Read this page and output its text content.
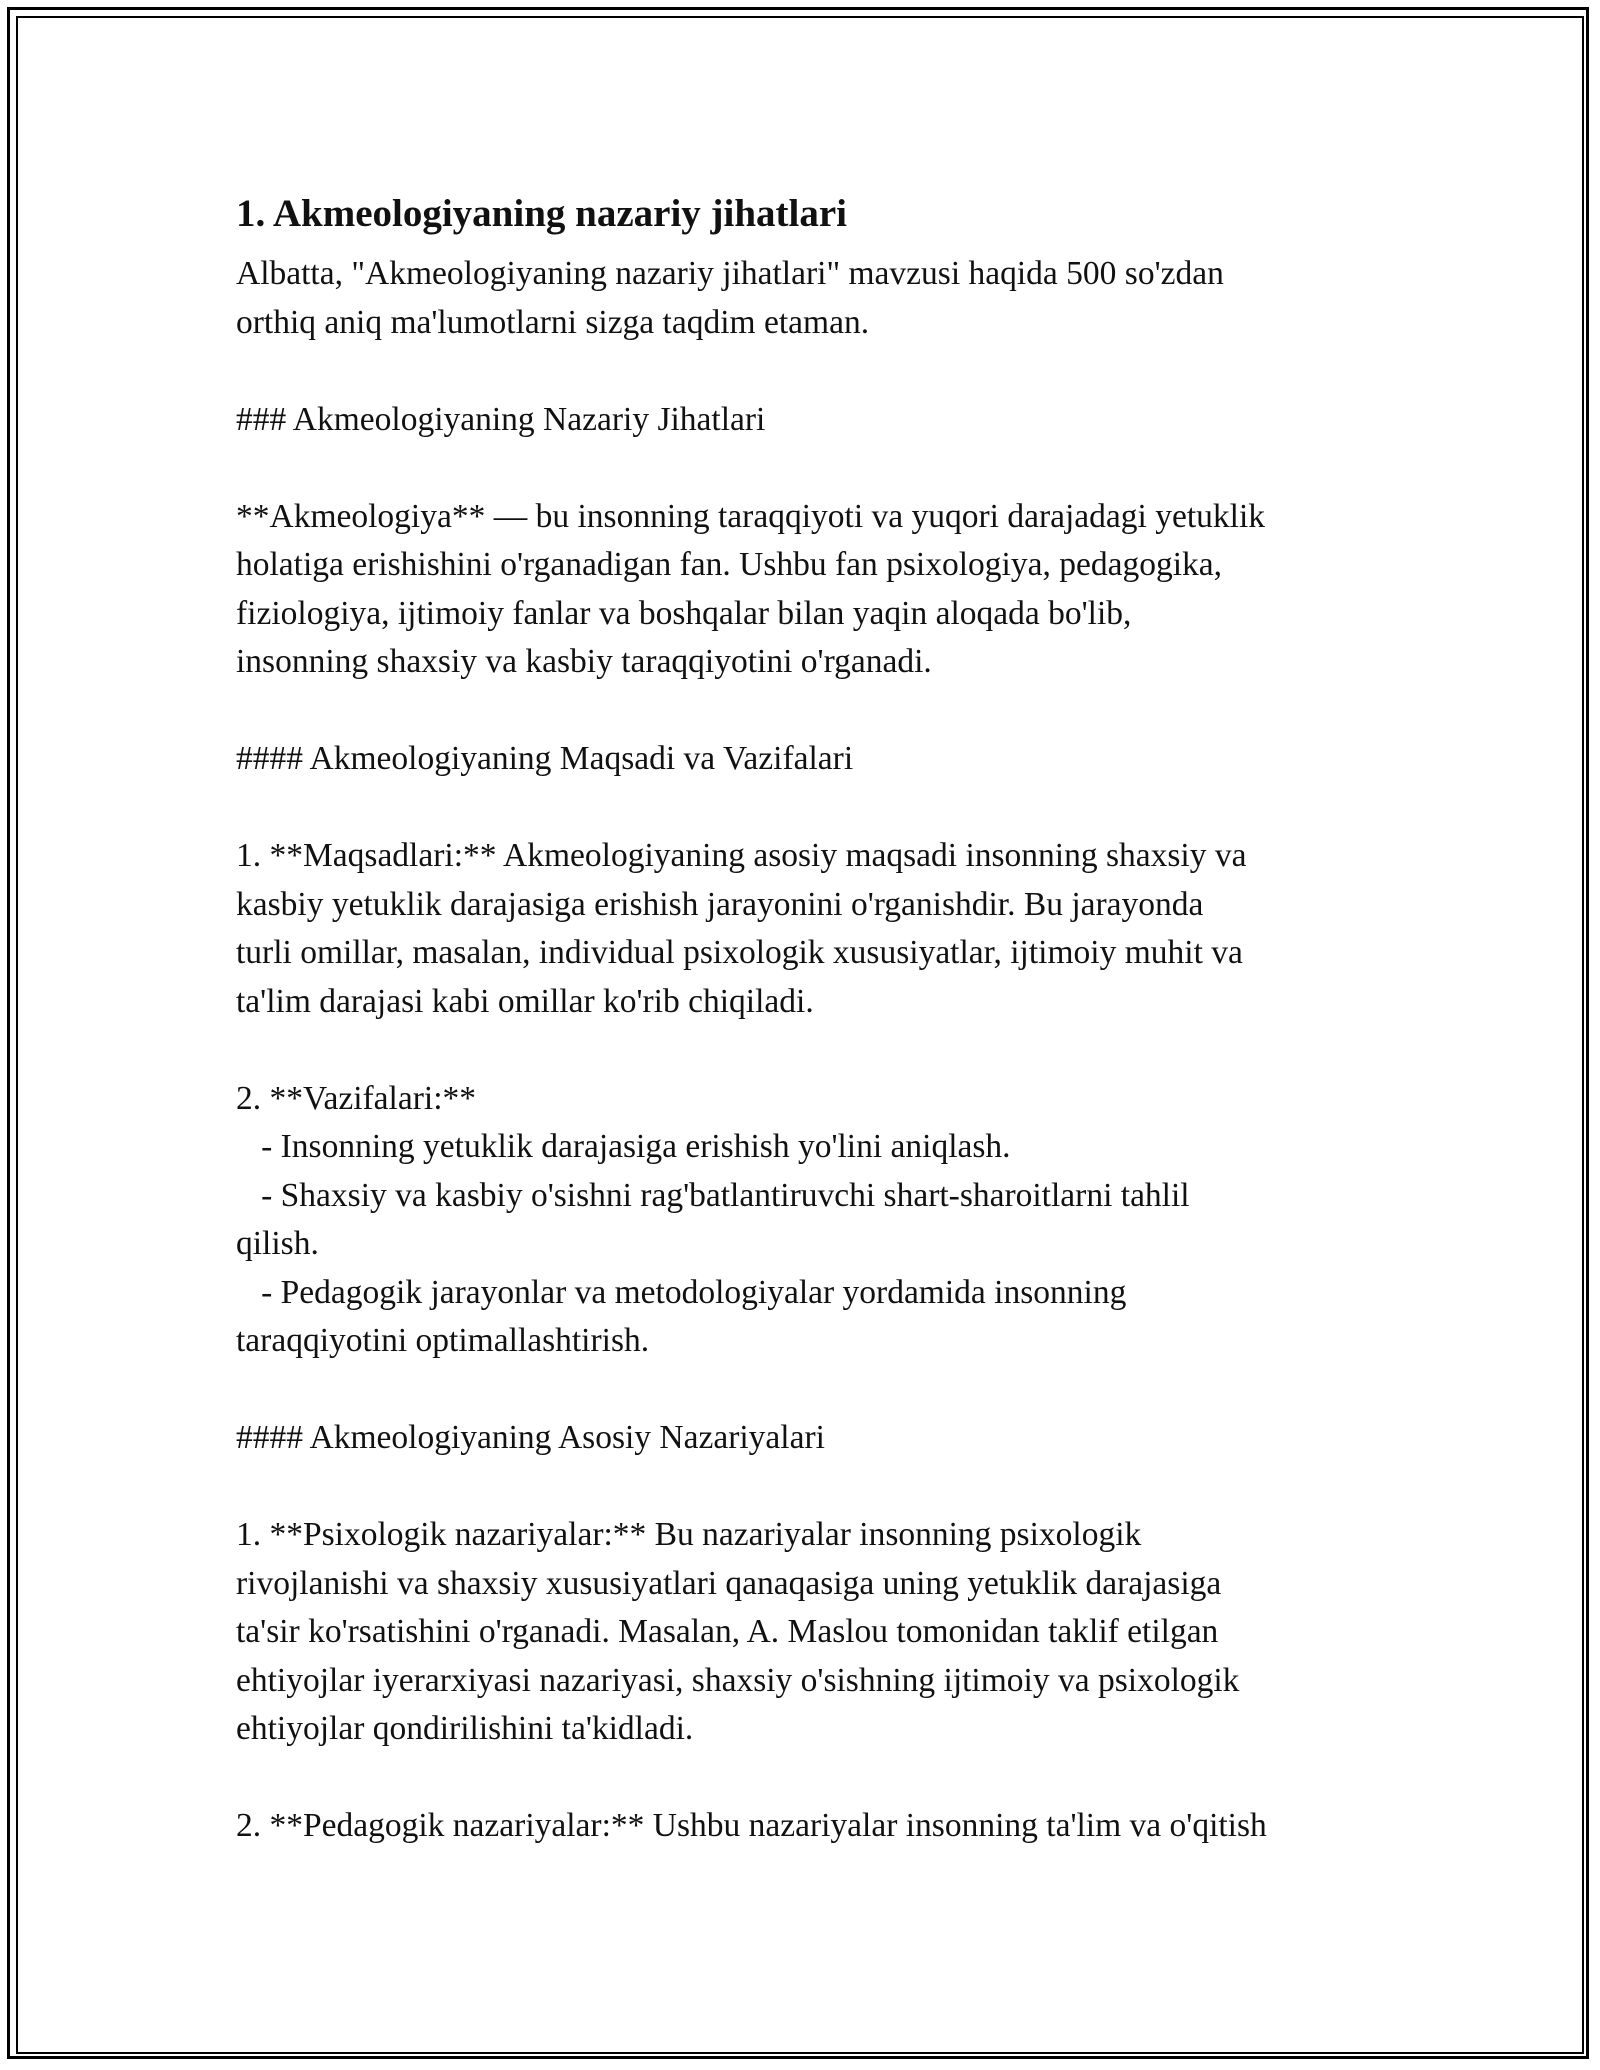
1. Akmeologiyaning nazariy jihatlari

Albatta, "Akmeologiyaning nazariy jihatlari" mavzusi haqida 500 so'zdan
orthiq aniq ma'lumotlarni sizga taqdim etaman.

### Akmeologiyaning Nazariy Jihatlari

**Akmeologiya** — bu insonning taraqqiyoti va yuqori darajadagi yetuklik
holatiga erishishini o'rganadigan fan. Ushbu fan psixologiya, pedagogika,
fiziologiya, ijtimoiy fanlar va boshqalar bilan yaqin aloqada bo'lib,
insonning shaxsiy va kasbiy taraqqiyotini o'rganadi.

#### Akmeologiyaning Maqsadi va Vazifalari

1. **Maqsadlari:** Akmeologiyaning asosiy maqsadi insonning shaxsiy va
kasbiy yetuklik darajasiga erishish jarayonini o'rganishdir. Bu jarayonda
turli omillar, masalan, individual psixologik xususiyatlar, ijtimoiy muhit va
ta'lim darajasi kabi omillar ko'rib chiqiladi.

2. **Vazifalari:**
- Insonning yetuklik darajasiga erishish yo'lini aniqlash.
- Shaxsiy va kasbiy o'sishni rag'batlantiruvchi shart-sharoitlarni tahlil
qilish.
- Pedagogik jarayonlar va metodologiyalar yordamida insonning
taraqqiyotini optimallashtirish.

#### Akmeologiyaning Asosiy Nazariyalari

1. **Psixologik nazariyalar:** Bu nazariyalar insonning psixologik
rivojlanishi va shaxsiy xususiyatlari qanaqasiga uning yetuklik darajasiga
ta'sir ko'rsatishini o'rganadi. Masalan, A. Maslou tomonidan taklif etilgan
ehtiyojlar iyerarxiyasi nazariyasi, shaxsiy o'sishning ijtimoiy va psixologik
ehtiyojlar qondirilishini ta'kidladi.

2. **Pedagogik nazariyalar:** Ushbu nazariyalar insonning ta'lim va o'qitish
